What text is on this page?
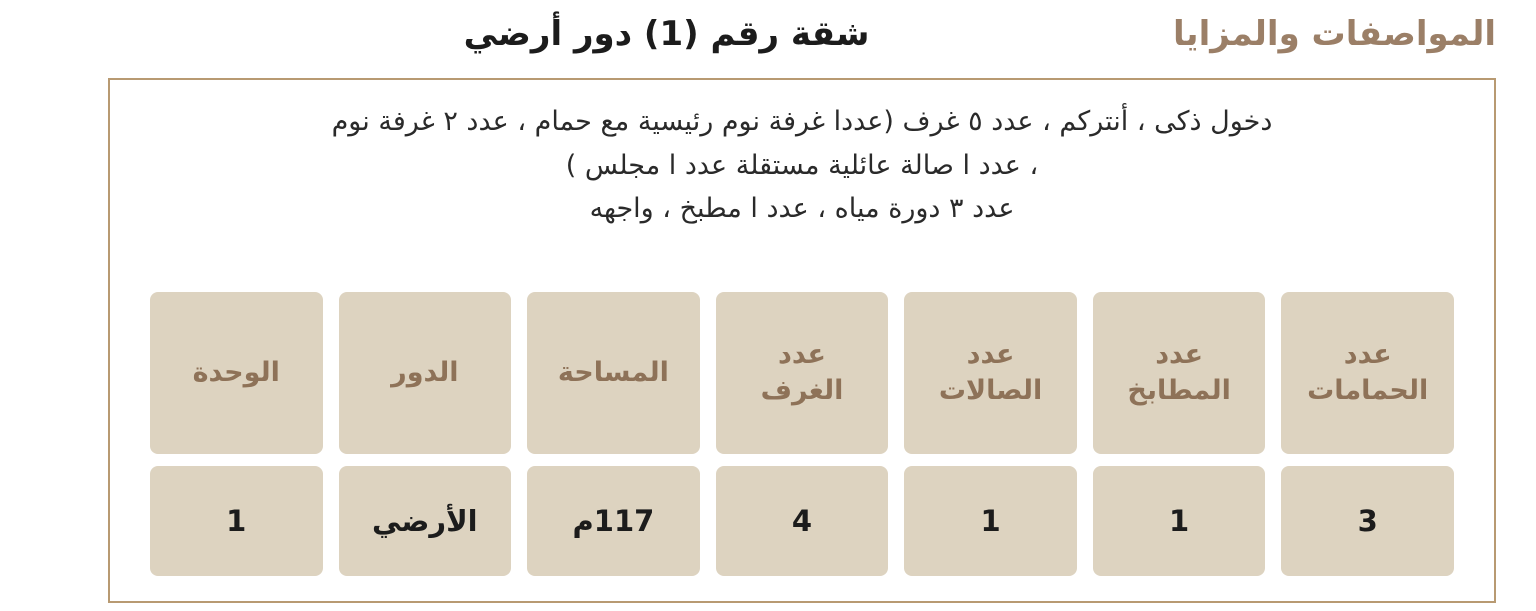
المواصفات والمزايا
شقة رقم (1) دور أرضي
دخول ذكى ، أنتركم ، عدد ٥ غرف (عددا غرفة نوم رئيسية مع حمام ، عدد ٢ غرفة نوم
، عدد ا صالة عائلية مستقلة عدد ا مجلس )
عدد ٣ دورة مياه ، عدد ا مطبخ ، واجهه
عدد
الحمامات
3
عدد
المطابخ
1
عدد
الصالات
1
عدد
الغرف
4
المساحة
117م
الدور
الأرضي
الوحدة
1
